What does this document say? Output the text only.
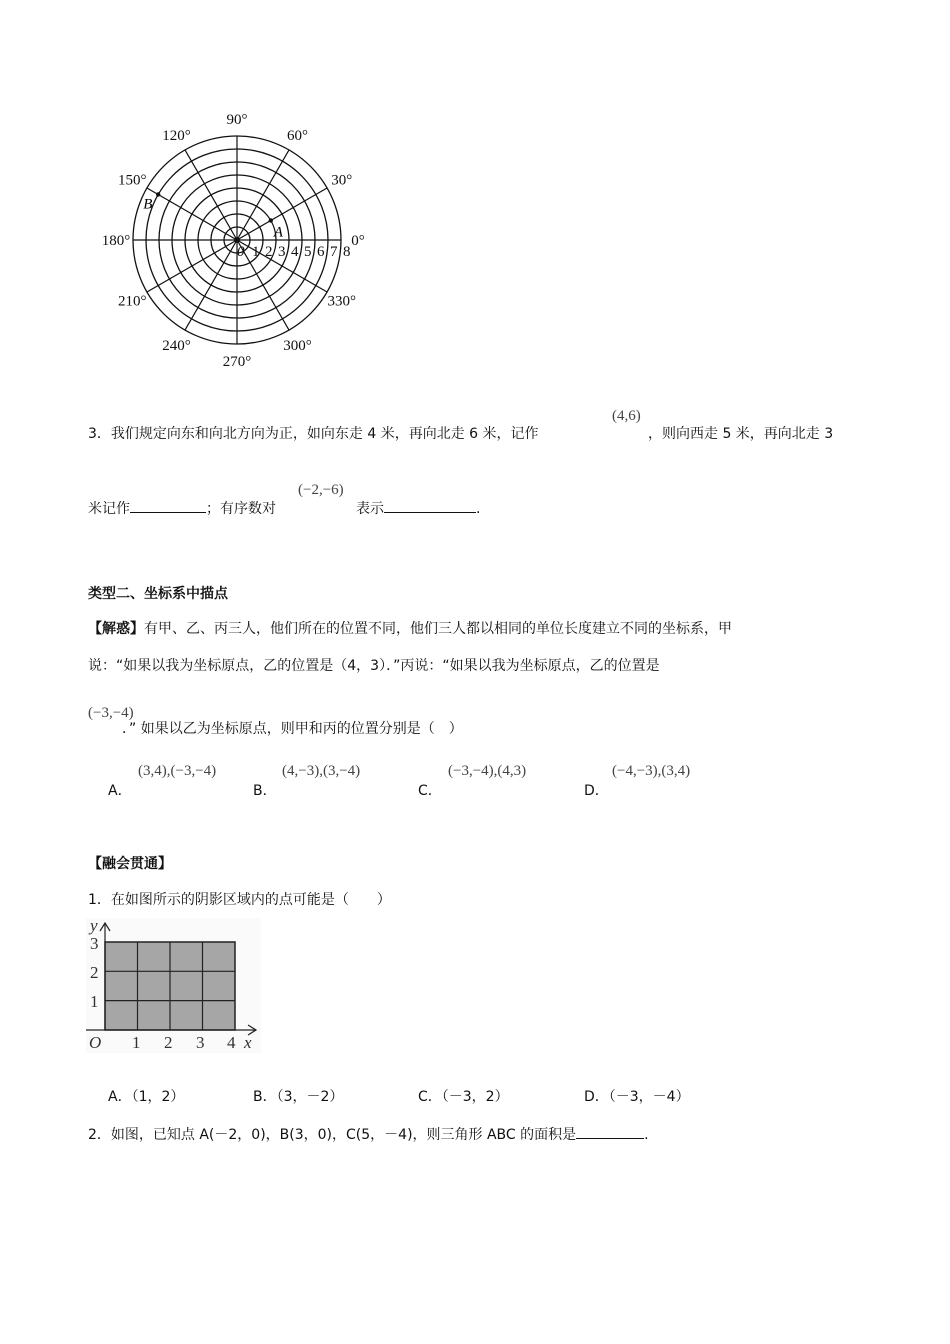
0°
30°
60°
90°
120°
150°
180°
210°
240°
270°
300°
330°
0 1 2 3 4 5 6 7 8
A
B
3．我们规定向东和向北方向为正，如向东走 4 米，再向北走 6 米，记作
(4,6)
，则向西走 5 米，再向北走 3
米记作	；有序数对
(−2,−6)
表示	.
类型二、坐标系中描点
【解惑】有甲、乙、丙三人，他们所在的位置不同，他们三人都以相同的单位长度建立不同的坐标系，甲
说：“如果以我为坐标原点，乙的位置是（4，3）．”丙说：“如果以我为坐标原点，乙的位置是
(−3,−4)
．” 如果以乙为坐标原点，则甲和丙的位置分别是（　）
A．
(3,4),(−3,−4)
B．
(4,−3),(3,−4)
C．
(−3,−4),(4,3)
D．
(−4,−3),(3,4)
【融会贯通】
1．在如图所示的阴影区域内的点可能是（　　）
y
3
2
1
O 1 2 3 4 x
A．（1，2）	B．（3，－2）	C．（－3，2）	D．（－3，－4）
2．如图，已知点 A(－2，0)，B(3，0)，C(5，－4)，则三角形 ABC 的面积是	.
